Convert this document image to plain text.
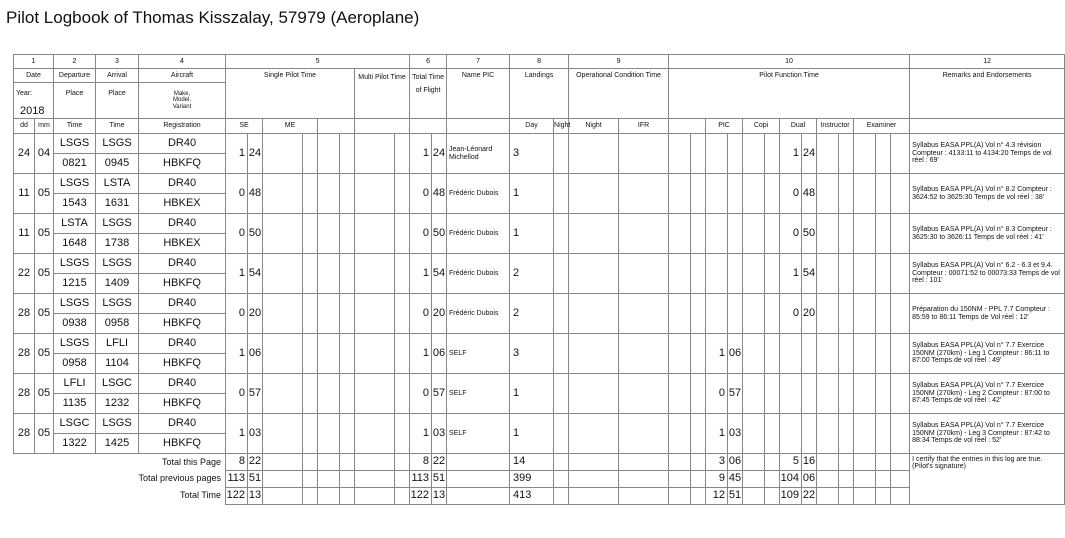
Pilot Logbook of Thomas Kisszalay, 57979 (Aeroplane)
1		2	3	4	5								6		7	8		9		10													12
Date		Departure	Arrival	Aircraft	Single Pilot Time						Multi Pilot Time		Total Time of Flight		Name PIC	Landings		Operational Condition Time		Pilot Function Time													Remarks and Endorsements
Year:		Place	Place	Make, Model, Variant																													
2018																																	
dd	mm	Time	Time	Registration	SE		ME									Day	Night	Night	IFR			PIC		Copi		Dual		Instructor		Examiner			
24	04	LSGS	LSGS	DR40	1	24							1	24	Jean-Léonard Michellod	3										1	24						Syllabus EASA PPL(A) Vol n° 4.3 révision Compteur : 4133:11 to 4134:20 Temps de vol réel : 69'
		0821	0945	HBKFQ																													
11	05	LSGS	LSTA	DR40	0	48							0	48	Frédéric Dubois	1										0	48						Syllabus EASA PPL(A) Vol n° 8.2 Compteur : 3624:52 to 3625:30 Temps de vol réel : 38'
		1543	1631	HBKEX																													
11	05	LSTA	LSGS	DR40	0	50							0	50	Frédéric Dubois	1										0	50						Syllabus EASA PPL(A) Vol n° 8.3 Compteur : 3625:30 to 3626:11 Temps de vol réel : 41'
		1648	1738	HBKEX																													
22	05	LSGS	LSGS	DR40	1	54							1	54	Frédéric Dubois	2										1	54						Syllabus EASA PPL(A) Vol n° 6.2 - 6.3 et 9.4. Compteur : 00071:52 to 00073:33 Temps de vol réel : 101'
		1215	1409	HBKFQ																													
28	05	LSGS	LSGS	DR40	0	20							0	20	Frédéric Dubois	2										0	20						Préparation du 150NM - PPL 7.7 Compteur : 85:59 to 86:11 Temps de Vol réel : 12'
		0938	0958	HBKFQ																													
28	05	LSGS	LFLI	DR40	1	06							1	06	SELF	3						1	06										Syllabus EASA PPL(A) Vol n° 7.7 Exercice 150NM (270km) - Leg 1 Compteur : 86:11 to 87:00 Temps de vol réel : 49'
		0958	1104	HBKFQ																													
28	05	LFLI	LSGC	DR40	0	57							0	57	SELF	1						0	57										Syllabus EASA PPL(A) Vol n° 7.7 Exercice 150NM (270km) - Leg 2 Compteur : 87:00 to 87:45 Temps de vol réel : 42'
		1135	1232	HBKFQ																													
28	05	LSGC	LSGS	DR40	1	03							1	03	SELF	1						1	03										Syllabus EASA PPL(A) Vol n° 7.7 Exercice 150NM (270km) - Leg 3 Compteur : 87:42 to 88:34 Temps de vol réel : 52'
		1322	1425	HBKFQ																													
Total this Page					8	22							8	22		14						3	06			5	16						I certify that the entries in this log are true. (Pilot's signature)
Total previous pages					113	51							113	51		399						9	45			104	06						
Total Time					122	13							122	13		413						12	51			109	22						
